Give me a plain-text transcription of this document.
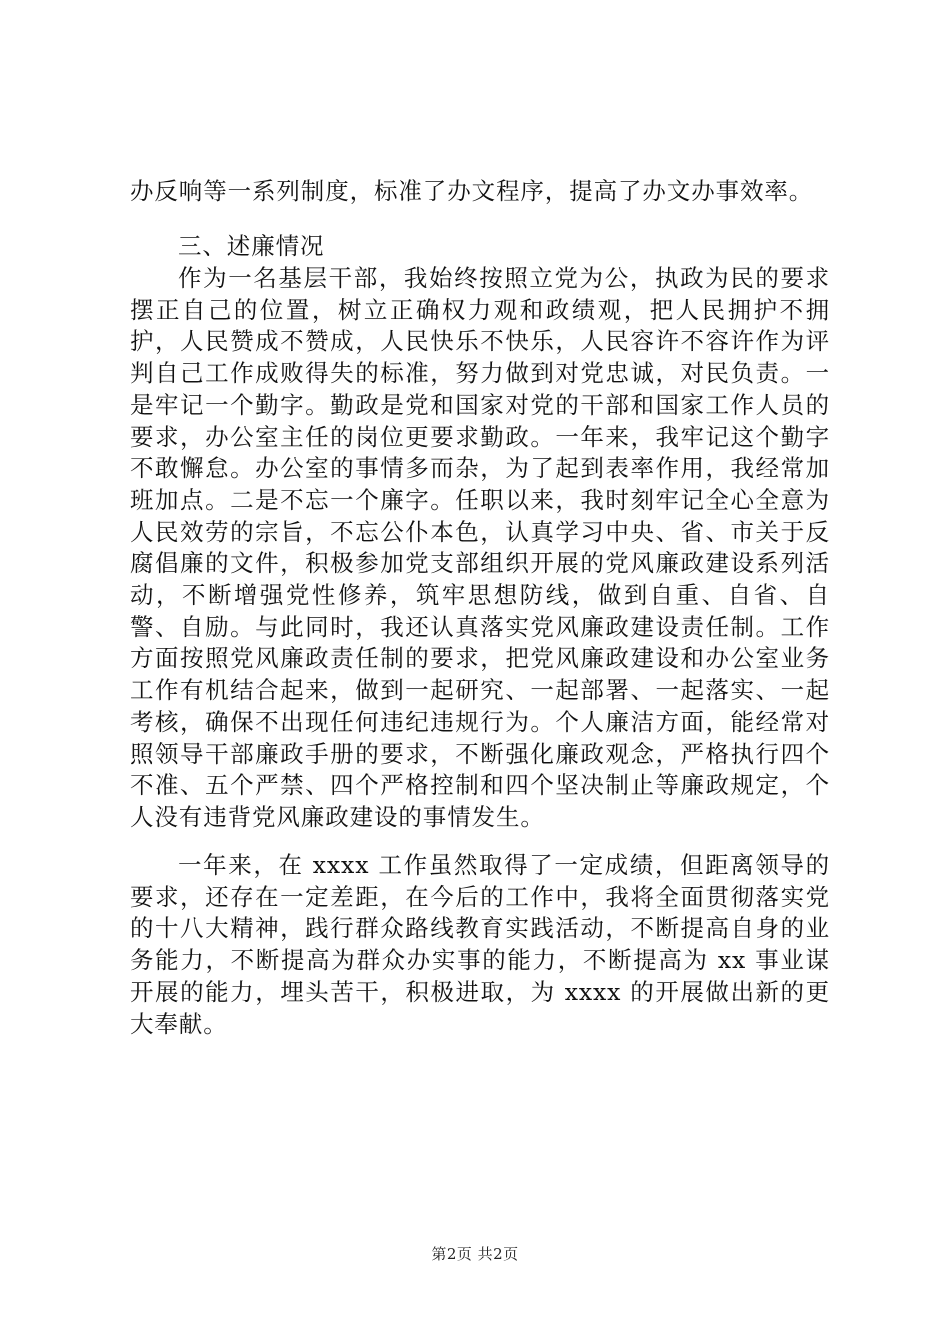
办反响等一系列制度，标准了办文程序，提高了办文办事效率。

三、述廉情况

作为一名基层干部，我始终按照立党为公，执政为民的要求摆正自己的位置，树立正确权力观和政绩观，把人民拥护不拥护，人民赞成不赞成，人民快乐不快乐，人民容许不容许作为评判自己工作成败得失的标准，努力做到对党忠诚，对民负责。一是牢记一个勤字。勤政是党和国家对党的干部和国家工作人员的要求，办公室主任的岗位更要求勤政。一年来，我牢记这个勤字不敢懈怠。办公室的事情多而杂，为了起到表率作用，我经常加班加点。二是不忘一个廉字。任职以来，我时刻牢记全心全意为人民效劳的宗旨，不忘公仆本色，认真学习中央、省、市关于反腐倡廉的文件，积极参加党支部组织开展的党风廉政建设系列活动，不断增强党性修养，筑牢思想防线，做到自重、自省、自警、自励。与此同时，我还认真落实党风廉政建设责任制。工作方面按照党风廉政责任制的要求，把党风廉政建设和办公室业务工作有机结合起来，做到一起研究、一起部署、一起落实、一起考核，确保不出现任何违纪违规行为。个人廉洁方面，能经常对照领导干部廉政手册的要求，不断强化廉政观念，严格执行四个不准、五个严禁、四个严格控制和四个坚决制止等廉政规定，个人没有违背党风廉政建设的事情发生。

一年来，在 xxxx 工作虽然取得了一定成绩，但距离领导的要求，还存在一定差距，在今后的工作中，我将全面贯彻落实党的十八大精神，践行群众路线教育实践活动，不断提高自身的业务能力，不断提高为群众办实事的能力，不断提高为 xx 事业谋开展的能力，埋头苦干，积极进取，为 xxxx 的开展做出新的更大奉献。

第2页 共2页
